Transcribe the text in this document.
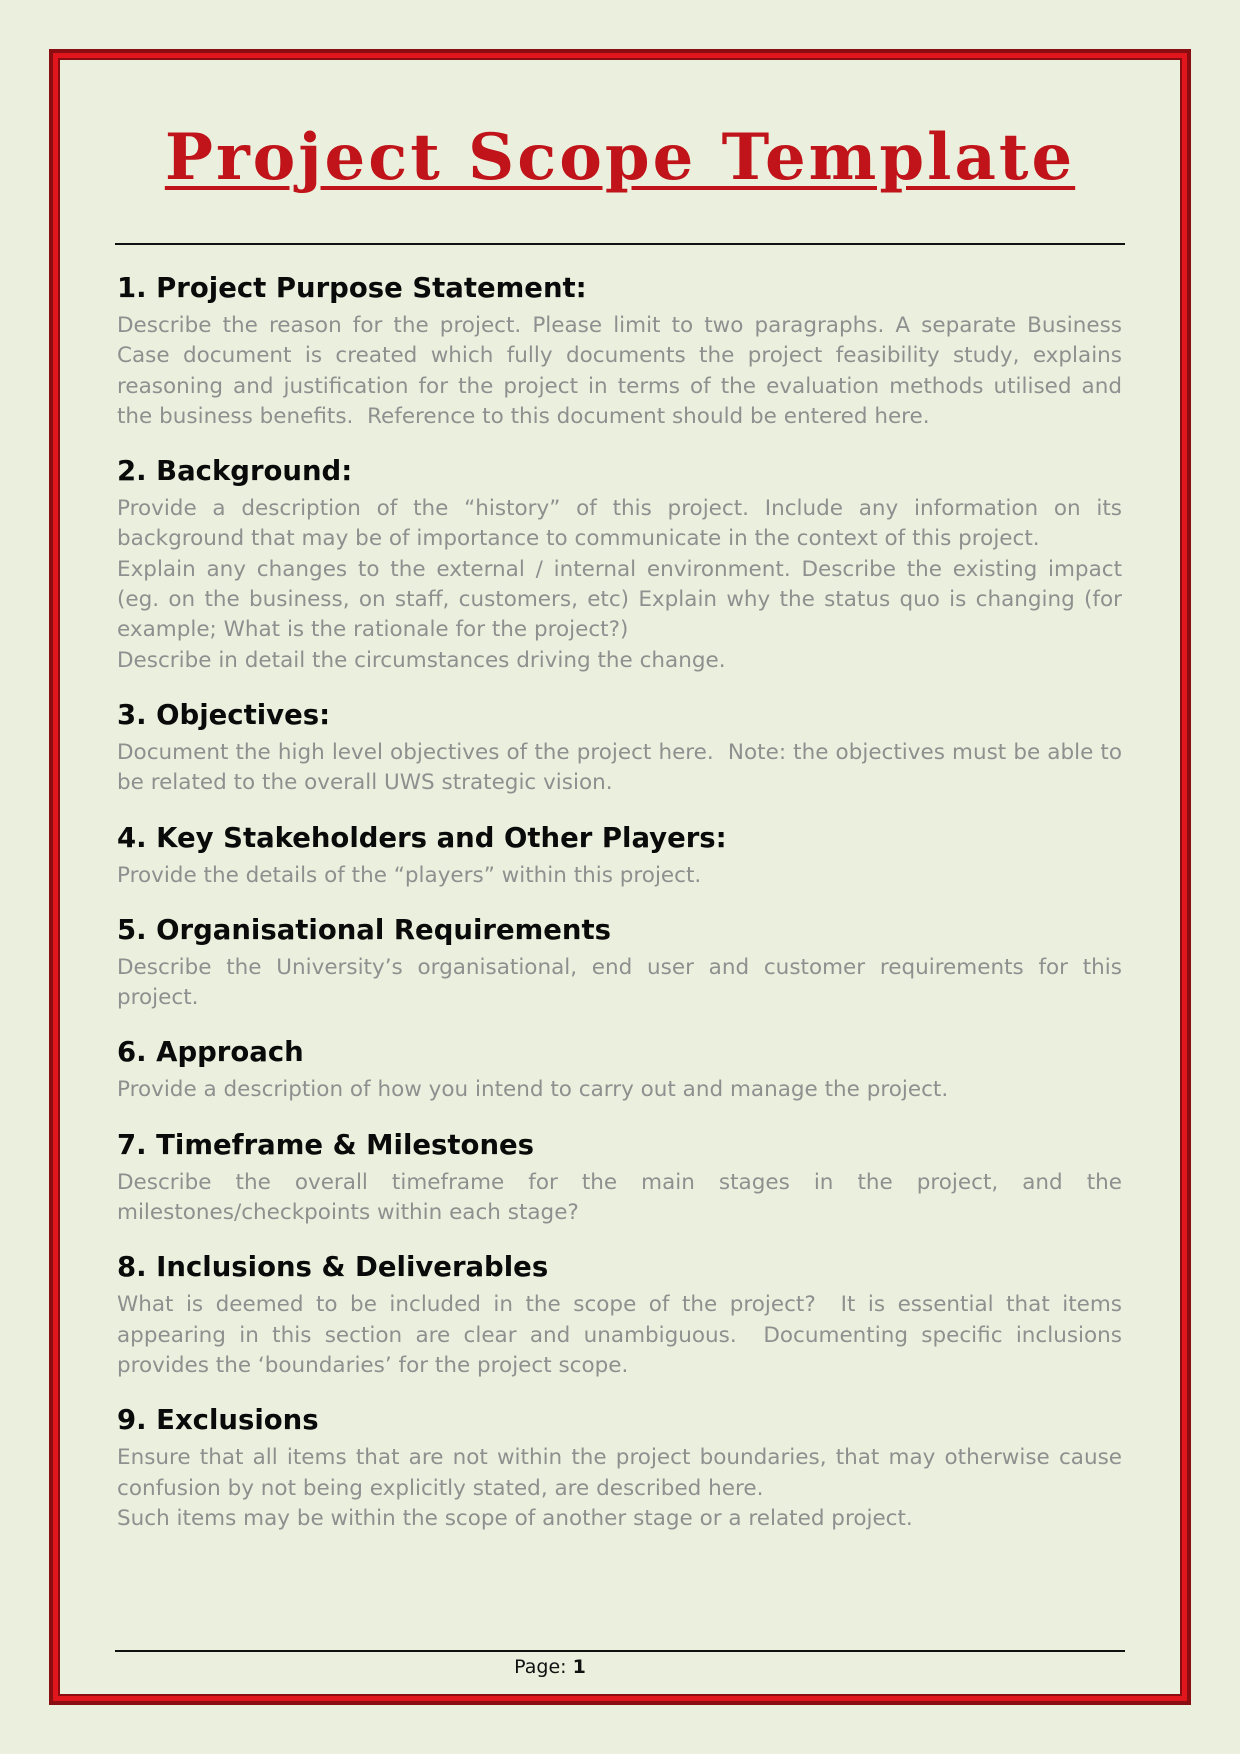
Project Scope Template
1. Project Purpose Statement:

Describe the reason for the project. Please limit to two paragraphs. A separate Business Case document is created which fully documents the project feasibility study, explains reasoning and justification for the project in terms of the evaluation methods utilised and the business benefits.  Reference to this document should be entered here.

2. Background:

Provide a description of the “history” of this project. Include any information on its background that may be of importance to communicate in the context of this project.

Explain any changes to the external / internal environment. Describe the existing impact (eg. on the business, on staff, customers, etc) Explain why the status quo is changing (for example; What is the rationale for the project?)

Describe in detail the circumstances driving the change.

3. Objectives:

Document the high level objectives of the project here.  Note: the objectives must be able to be related to the overall UWS strategic vision.

4. Key Stakeholders and Other Players:

Provide the details of the “players” within this project.

5. Organisational Requirements

Describe the University’s organisational, end user and customer requirements for this project.

6. Approach

Provide a description of how you intend to carry out and manage the project.

7. Timeframe & Milestones

Describe the overall timeframe for the main stages in the project, and the milestones/checkpoints within each stage?

8. Inclusions & Deliverables

What is deemed to be included in the scope of the project?  It is essential that items appearing in this section are clear and unambiguous.  Documenting specific inclusions provides the ‘boundaries’ for the project scope.

9. Exclusions

Ensure that all items that are not within the project boundaries, that may otherwise cause confusion by not being explicitly stated, are described here.

Such items may be within the scope of another stage or a related project.

Page: 1
